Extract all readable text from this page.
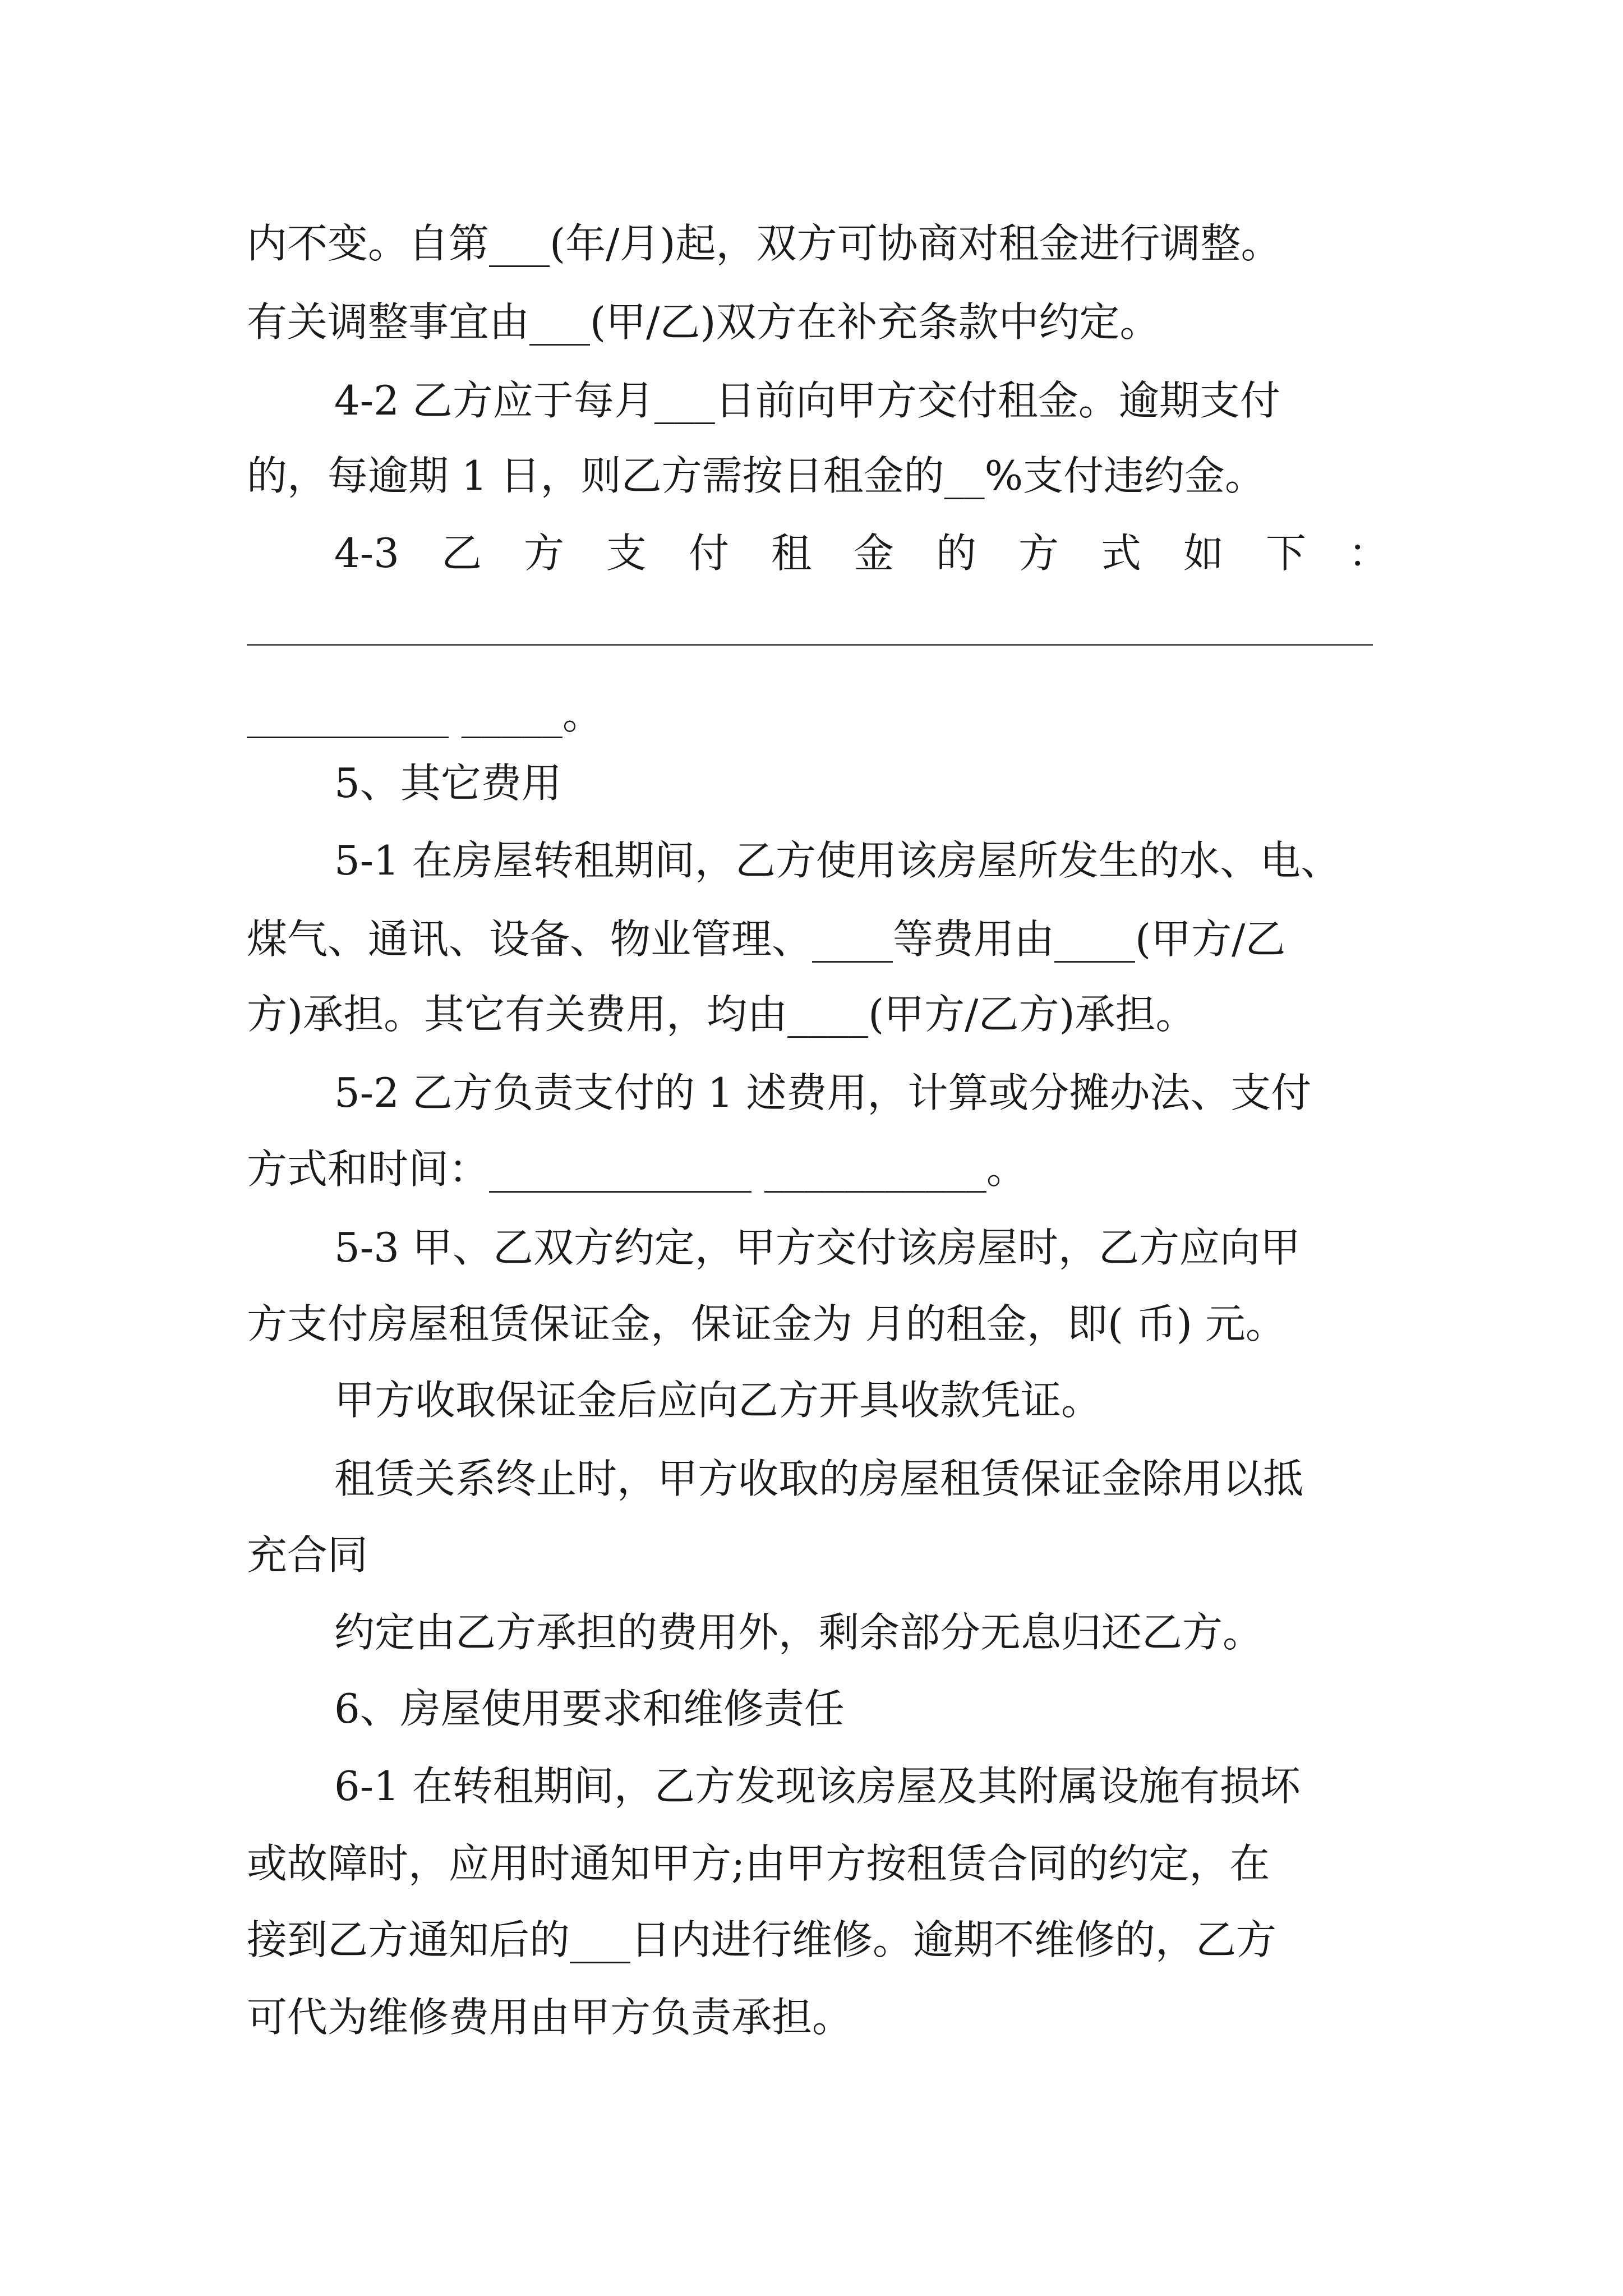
内不变。自第___(年/月)起，双方可协商对租金进行调整。
有关调整事宜由___(甲/乙)双方在补充条款中约定。
4-2 乙方应于每月___日前向甲方交付租金。逾期支付
的，每逾期 1 日，则乙方需按日租金的__%支付违约金。
4-3 乙 方 支 付 租 金 的 方 式 如 下 ：
__________ _____。
5、其它费用
5-1 在房屋转租期间，乙方使用该房屋所发生的水、电、
煤气、通讯、设备、物业管理、____等费用由____(甲方/乙
方)承担。其它有关费用，均由____(甲方/乙方)承担。
5-2 乙方负责支付的 1 述费用，计算或分摊办法、支付
方式和时间：_____________ ___________。
5-3 甲、乙双方约定，甲方交付该房屋时，乙方应向甲
方支付房屋租赁保证金，保证金为 月的租金，即( 币) 元。
甲方收取保证金后应向乙方开具收款凭证。
租赁关系终止时，甲方收取的房屋租赁保证金除用以抵
充合同
约定由乙方承担的费用外，剩余部分无息归还乙方。
6、房屋使用要求和维修责任
6-1 在转租期间，乙方发现该房屋及其附属设施有损坏
或故障时，应用时通知甲方;由甲方按租赁合同的约定，在
接到乙方通知后的___日内进行维修。逾期不维修的，乙方
可代为维修费用由甲方负责承担。
